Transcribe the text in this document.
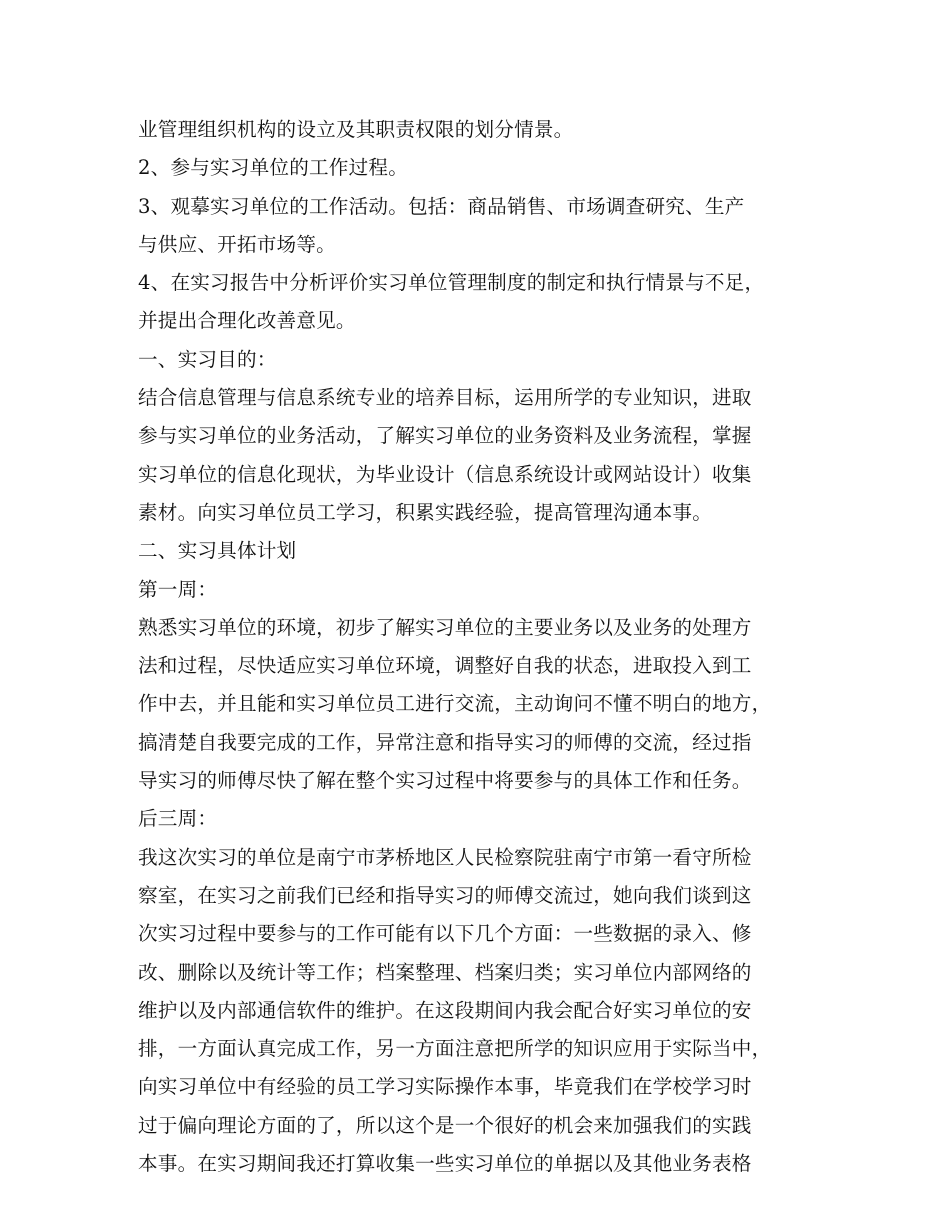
业管理组织机构的设立及其职责权限的划分情景。
2、参与实习单位的工作过程。
3、观摹实习单位的工作活动。包括：商品销售、市场调查研究、生产
与供应、开拓市场等。
4、在实习报告中分析评价实习单位管理制度的制定和执行情景与不足，
并提出合理化改善意见。
一、实习目的：
结合信息管理与信息系统专业的培养目标，运用所学的专业知识，进取
参与实习单位的业务活动，了解实习单位的业务资料及业务流程，掌握
实习单位的信息化现状，为毕业设计（信息系统设计或网站设计）收集
素材。向实习单位员工学习，积累实践经验，提高管理沟通本事。
二、实习具体计划
第一周：
熟悉实习单位的环境，初步了解实习单位的主要业务以及业务的处理方
法和过程，尽快适应实习单位环境，调整好自我的状态，进取投入到工
作中去，并且能和实习单位员工进行交流，主动询问不懂不明白的地方，
搞清楚自我要完成的工作，异常注意和指导实习的师傅的交流，经过指
导实习的师傅尽快了解在整个实习过程中将要参与的具体工作和任务。
后三周：
我这次实习的单位是南宁市茅桥地区人民检察院驻南宁市第一看守所检
察室，在实习之前我们已经和指导实习的师傅交流过，她向我们谈到这
次实习过程中要参与的工作可能有以下几个方面：一些数据的录入、修
改、删除以及统计等工作；档案整理、档案归类；实习单位内部网络的
维护以及内部通信软件的维护。在这段期间内我会配合好实习单位的安
排，一方面认真完成工作，另一方面注意把所学的知识应用于实际当中，
向实习单位中有经验的员工学习实际操作本事，毕竟我们在学校学习时
过于偏向理论方面的了，所以这个是一个很好的机会来加强我们的实践
本事。在实习期间我还打算收集一些实习单位的单据以及其他业务表格
